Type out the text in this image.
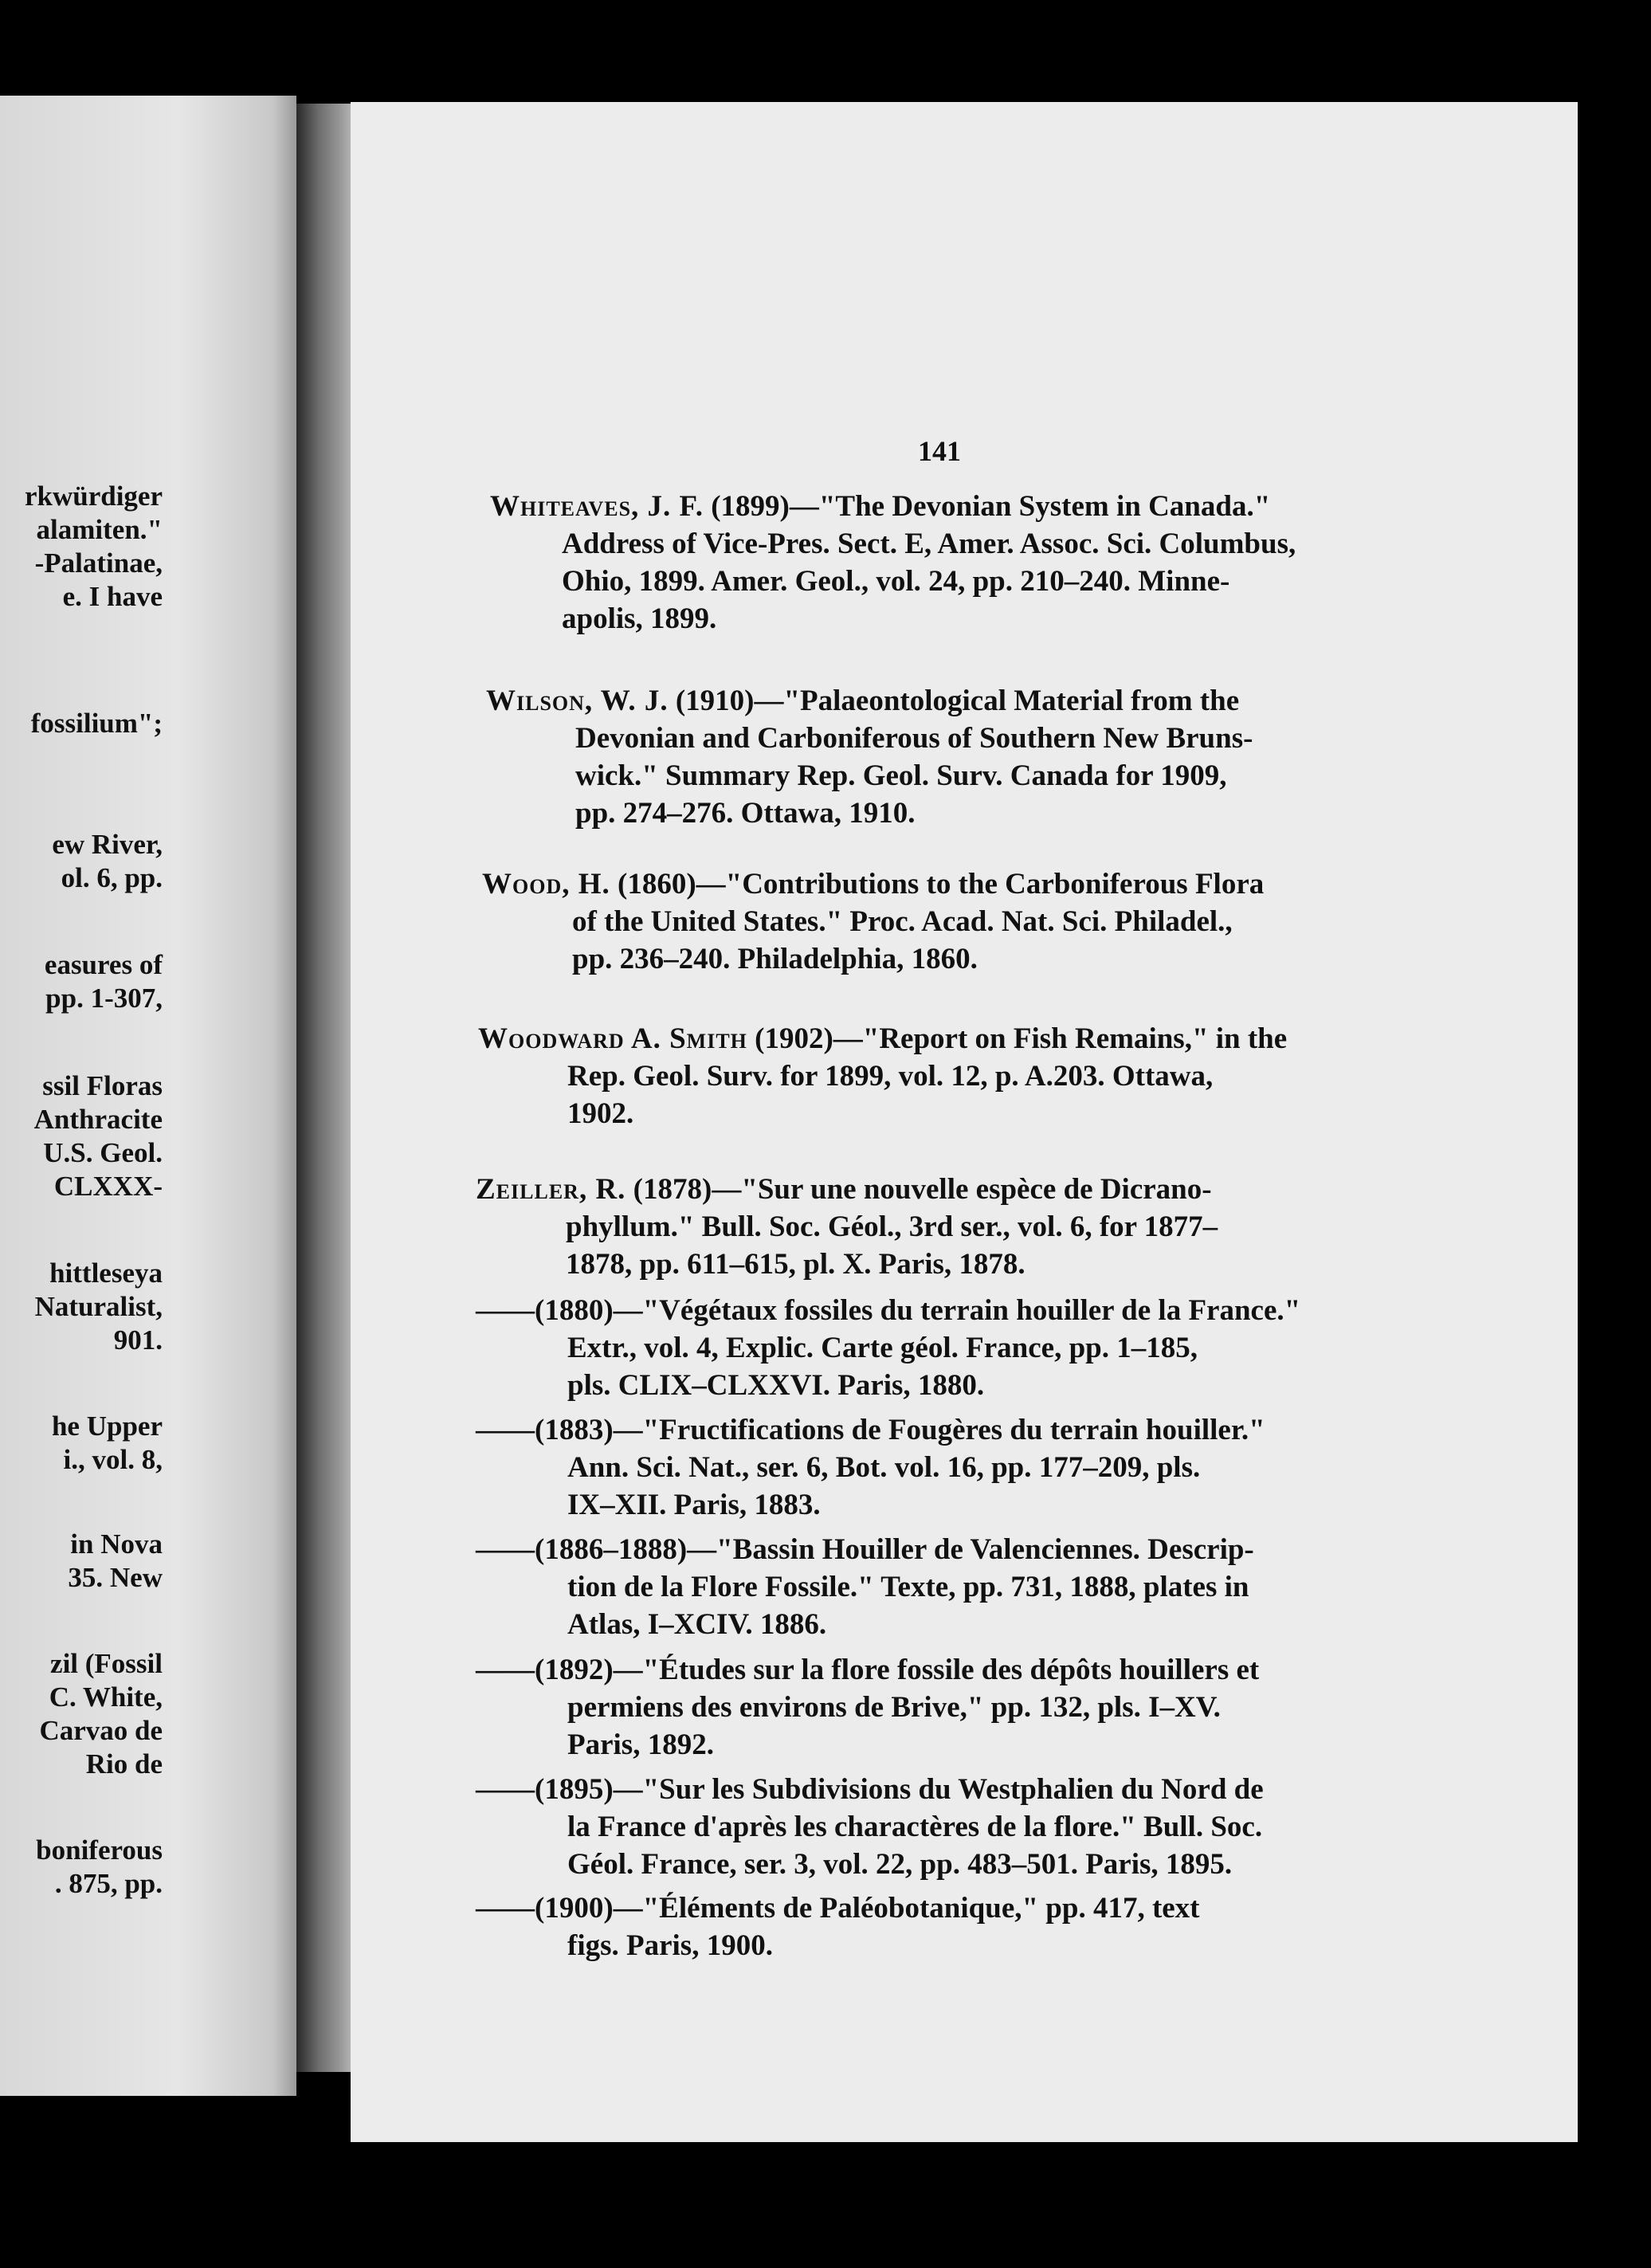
rkwürdiger
alamiten."
-Palatinae,
e. I have
fossilium";
ew River,
ol. 6, pp.
easures of
pp. 1-307,
ssil Floras
Anthracite
U.S. Geol.
CLXXX-
hittleseya
Naturalist,
901.
he Upper
i., vol. 8,
in Nova
35. New
zil (Fossil
C. White,
Carvao de
Rio de
boniferous
. 875, pp.
141
Whiteaves, J. F. (1899)—"The Devonian System in Canada."
Address of Vice-Pres. Sect. E, Amer. Assoc. Sci. Columbus,
Ohio, 1899. Amer. Geol., vol. 24, pp. 210–240. Minne-
apolis, 1899.
Wilson, W. J. (1910)—"Palaeontological Material from the
Devonian and Carboniferous of Southern New Bruns-
wick." Summary Rep. Geol. Surv. Canada for 1909,
pp. 274–276. Ottawa, 1910.
Wood, H. (1860)—"Contributions to the Carboniferous Flora
of the United States." Proc. Acad. Nat. Sci. Philadel.,
pp. 236–240. Philadelphia, 1860.
Woodward A. Smith (1902)—"Report on Fish Remains," in the
Rep. Geol. Surv. for 1899, vol. 12, p. A.203. Ottawa,
1902.
Zeiller, R. (1878)—"Sur une nouvelle espèce de Dicrano-
phyllum." Bull. Soc. Géol., 3rd ser., vol. 6, for 1877–
1878, pp. 611–615, pl. X. Paris, 1878.
——(1880)—"Végétaux fossiles du terrain houiller de la France."
Extr., vol. 4, Explic. Carte géol. France, pp. 1–185,
pls. CLIX–CLXXVI. Paris, 1880.
——(1883)—"Fructifications de Fougères du terrain houiller."
Ann. Sci. Nat., ser. 6, Bot. vol. 16, pp. 177–209, pls.
IX–XII. Paris, 1883.
——(1886–1888)—"Bassin Houiller de Valenciennes. Descrip-
tion de la Flore Fossile." Texte, pp. 731, 1888, plates in
Atlas, I–XCIV. 1886.
——(1892)—"Études sur la flore fossile des dépôts houillers et
permiens des environs de Brive," pp. 132, pls. I–XV.
Paris, 1892.
——(1895)—"Sur les Subdivisions du Westphalien du Nord de
la France d'après les charactères de la flore." Bull. Soc.
Géol. France, ser. 3, vol. 22, pp. 483–501. Paris, 1895.
——(1900)—"Éléments de Paléobotanique," pp. 417, text
figs. Paris, 1900.
